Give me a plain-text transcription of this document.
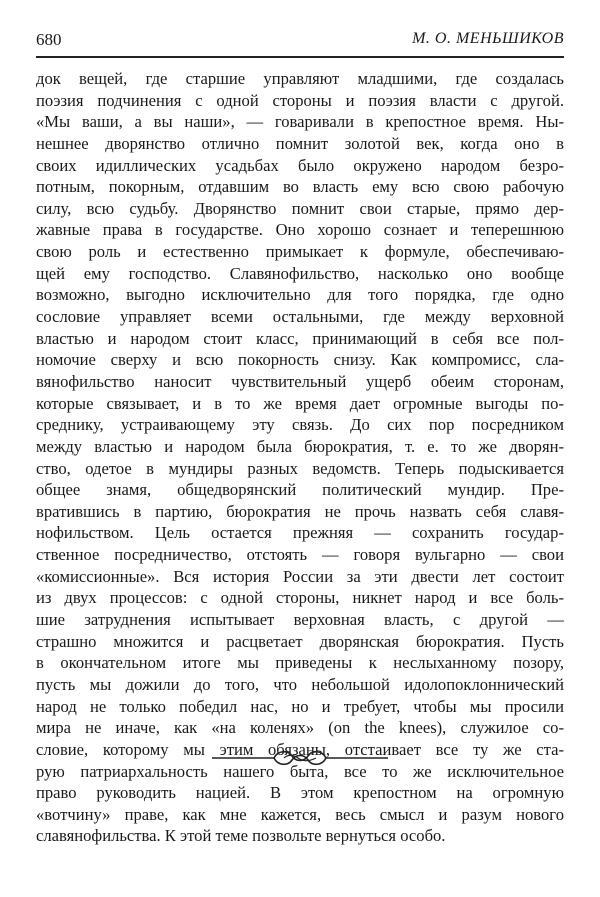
680	М. О. МЕНЬШИКОВ
док вещей, где старшие управляют младшими, где создалась
поэзия подчинения с одной стороны и поэзия власти с другой.
«Мы ваши, а вы наши», — говаривали в крепостное время. Ны-
нешнее дворянство отлично помнит золотой век, когда оно в
своих идиллических усадьбах было окружено народом безро-
потным, покорным, отдавшим во власть ему всю свою рабочую
силу, всю судьбу. Дворянство помнит свои старые, прямо дер-
жавные права в государстве. Оно хорошо сознает и теперешнюю
свою роль и естественно примыкает к формуле, обеспечиваю-
щей ему господство. Славянофильство, насколько оно вообще
возможно, выгодно исключительно для того порядка, где одно
сословие управляет всеми остальными, где между верховной
властью и народом стоит класс, принимающий в себя все пол-
номочие сверху и всю покорность снизу. Как компромисс, сла-
вянофильство наносит чувствительный ущерб обеим сторонам,
которые связывает, и в то же время дает огромные выгоды по-
среднику, устраивающему эту связь. До сих пор посредником
между властью и народом была бюрократия, т. е. то же дворян-
ство, одетое в мундиры разных ведомств. Теперь подыскивается
общее знамя, общедворянский политический мундир. Пре-
вратившись в партию, бюрократия не прочь назвать себя славя-
нофильством. Цель остается прежняя — сохранить государ-
ственное посредничество, отстоять — говоря вульгарно — свои
«комиссионные». Вся история России за эти двести лет состоит
из двух процессов: с одной стороны, никнет народ и все боль-
шие затруднения испытывает верховная власть, с другой —
страшно множится и расцветает дворянская бюрократия. Пусть
в окончательном итоге мы приведены к неслыханному позору,
пусть мы дожили до того, что небольшой идолопоклоннический
народ не только победил нас, но и требует, чтобы мы просили
мира не иначе, как «на коленях» (on the knees), служилое со-
словие, которому мы этим обязаны, отстаивает все ту же ста-
рую патриархальность нашего быта, все то же исключительное
право руководить нацией. В этом крепостном на огромную
«вотчину» праве, как мне кажется, весь смысл и разум нового
славянофильства. К этой теме позвольте вернуться особо.
